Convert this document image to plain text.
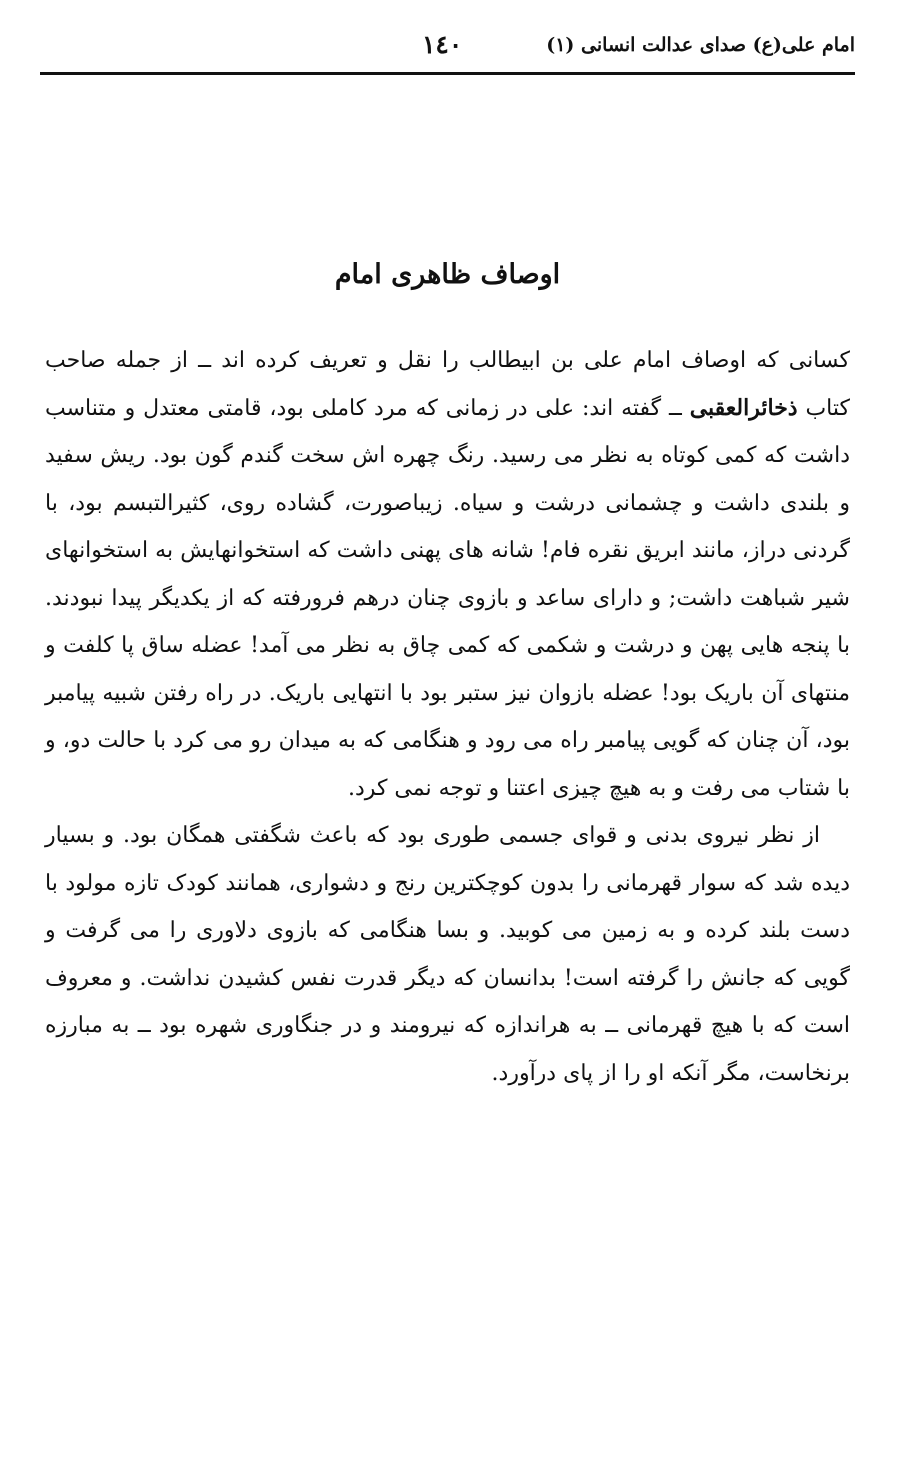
امام علی(ع) صدای عدالت انسانی (۱)
١٤٠
اوصاف ظاهری امام

کسانی که اوصاف امام علی بن ابیطالب را نقل و تعریف کرده اند ــ از جمله صاحب کتاب ذخائرالعقبی ــ گفته اند: علی در زمانی که مرد کاملی بود، قامتی معتدل و متناسب داشت که کمی کوتاه به نظر می رسید. رنگ چهره اش سخت گندم گون بود. ریش سفید و بلندی داشت و چشمانی درشت و سیاه. زیباصورت، گشاده روی، کثیرالتبسم بود، با گردنی دراز، مانند ابریق نقره فام! شانه های پهنی داشت که استخوانهایش به استخوانهای شیر شباهت داشت; و دارای ساعد و بازوی چنان درهم فرورفته که از یکدیگر پیدا نبودند. با پنجه هایی پهن و درشت و شکمی که کمی چاق به نظر می آمد! عضله ساق پا کلفت و منتهای آن باریک بود! عضله بازوان نیز ستبر بود با انتهایی باریک. در راه رفتن شبیه پیامبر بود، آن چنان که گویی پیامبر راه می رود و هنگامی که به میدان رو می کرد با حالت دو، و با شتاب می رفت و به هیچ چیزی اعتنا و توجه نمی کرد.

از نظر نیروی بدنی و قوای جسمی طوری بود که باعث شگفتی همگان بود. و بسیار دیده شد که سوار قهرمانی را بدون کوچکترین رنج و دشواری، همانند کودک تازه مولود با دست بلند کرده و به زمین می کوبید. و بسا هنگامی که بازوی دلاوری را می گرفت و گویی که جانش را گرفته است! بدانسان که دیگر قدرت نفس کشیدن نداشت. و معروف است که با هیچ قهرمانی ــ به هراندازه که نیرومند و در جنگاوری شهره بود ــ به مبارزه برنخاست، مگر آنکه او را از پای درآورد.
